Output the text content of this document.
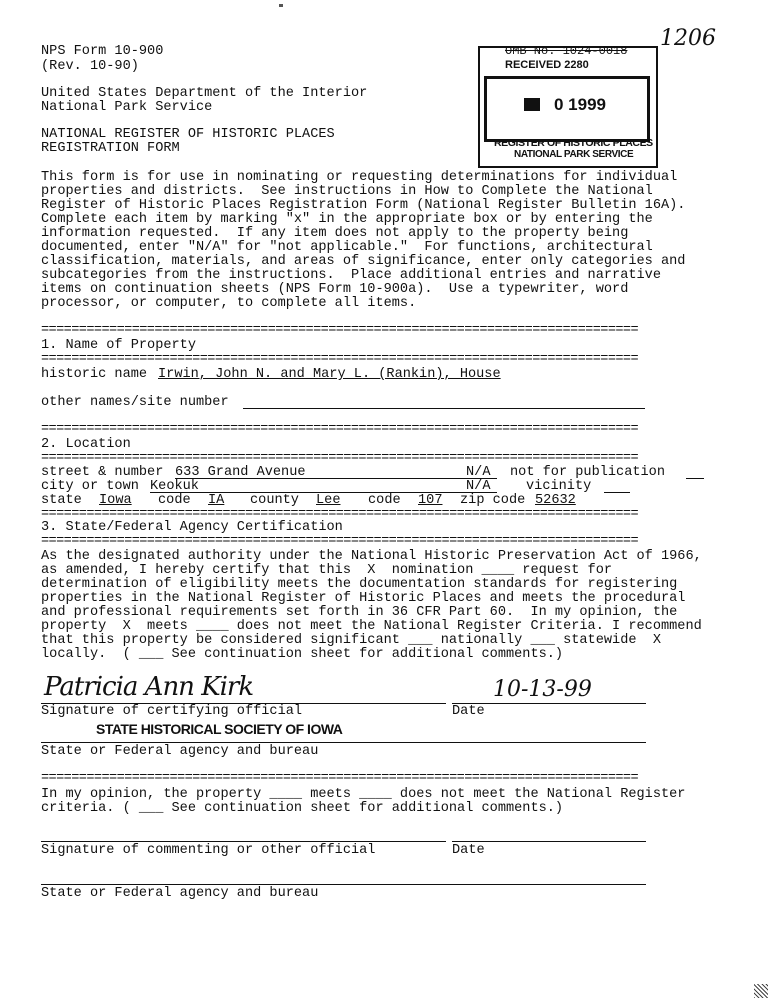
NPS Form 10-900
(Rev. 10-90)
United States Department of the Interior
National Park Service
NATIONAL REGISTER OF HISTORIC PLACES
REGISTRATION FORM
1206
OMB No. 1024-0018
RECEIVED 2280
0 1999
REGISTER OF HISTORIC PLACES
NATIONAL PARK SERVICE
This form is for use in nominating or requesting determinations for individual
properties and districts.  See instructions in How to Complete the National
Register of Historic Places Registration Form (National Register Bulletin 16A).
Complete each item by marking "x" in the appropriate box or by entering the
information requested.  If any item does not apply to the property being
documented, enter "N/A" for "not applicable."  For functions, architectural
classification, materials, and areas of significance, enter only categories and
subcategories from the instructions.  Place additional entries and narrative
items on continuation sheets (NPS Form 10-900a).  Use a typewriter, word
processor, or computer, to complete all items.
===============================================================================
1. Name of Property
===============================================================================
historic name Irwin, John N. and Mary L. (Rankin), House
other names/site number
===============================================================================
2. Location
===============================================================================
street & number 633 Grand Avenue	N/A not for publication
city or town Keokuk	N/A	vicinity
state Iowa code IA county Lee code 107 zip code 52632
===============================================================================
3. State/Federal Agency Certification
===============================================================================
As the designated authority under the National Historic Preservation Act of 1966,
as amended, I hereby certify that this  X  nomination ____ request for
determination of eligibility meets the documentation standards for registering
properties in the National Register of Historic Places and meets the procedural
and professional requirements set forth in 36 CFR Part 60.  In my opinion, the
property  X  meets ____ does not meet the National Register Criteria. I recommend
that this property be considered significant ___ nationally ___ statewide  X
locally.  ( ___ See continuation sheet for additional comments.)
Patricia Ann Kirk	10-13-99
Signature of certifying official	Date
STATE HISTORICAL SOCIETY OF IOWA
State or Federal agency and bureau
===============================================================================
In my opinion, the property ____ meets ____ does not meet the National Register
criteria. ( ___ See continuation sheet for additional comments.)
Signature of commenting or other official	Date
State or Federal agency and bureau
